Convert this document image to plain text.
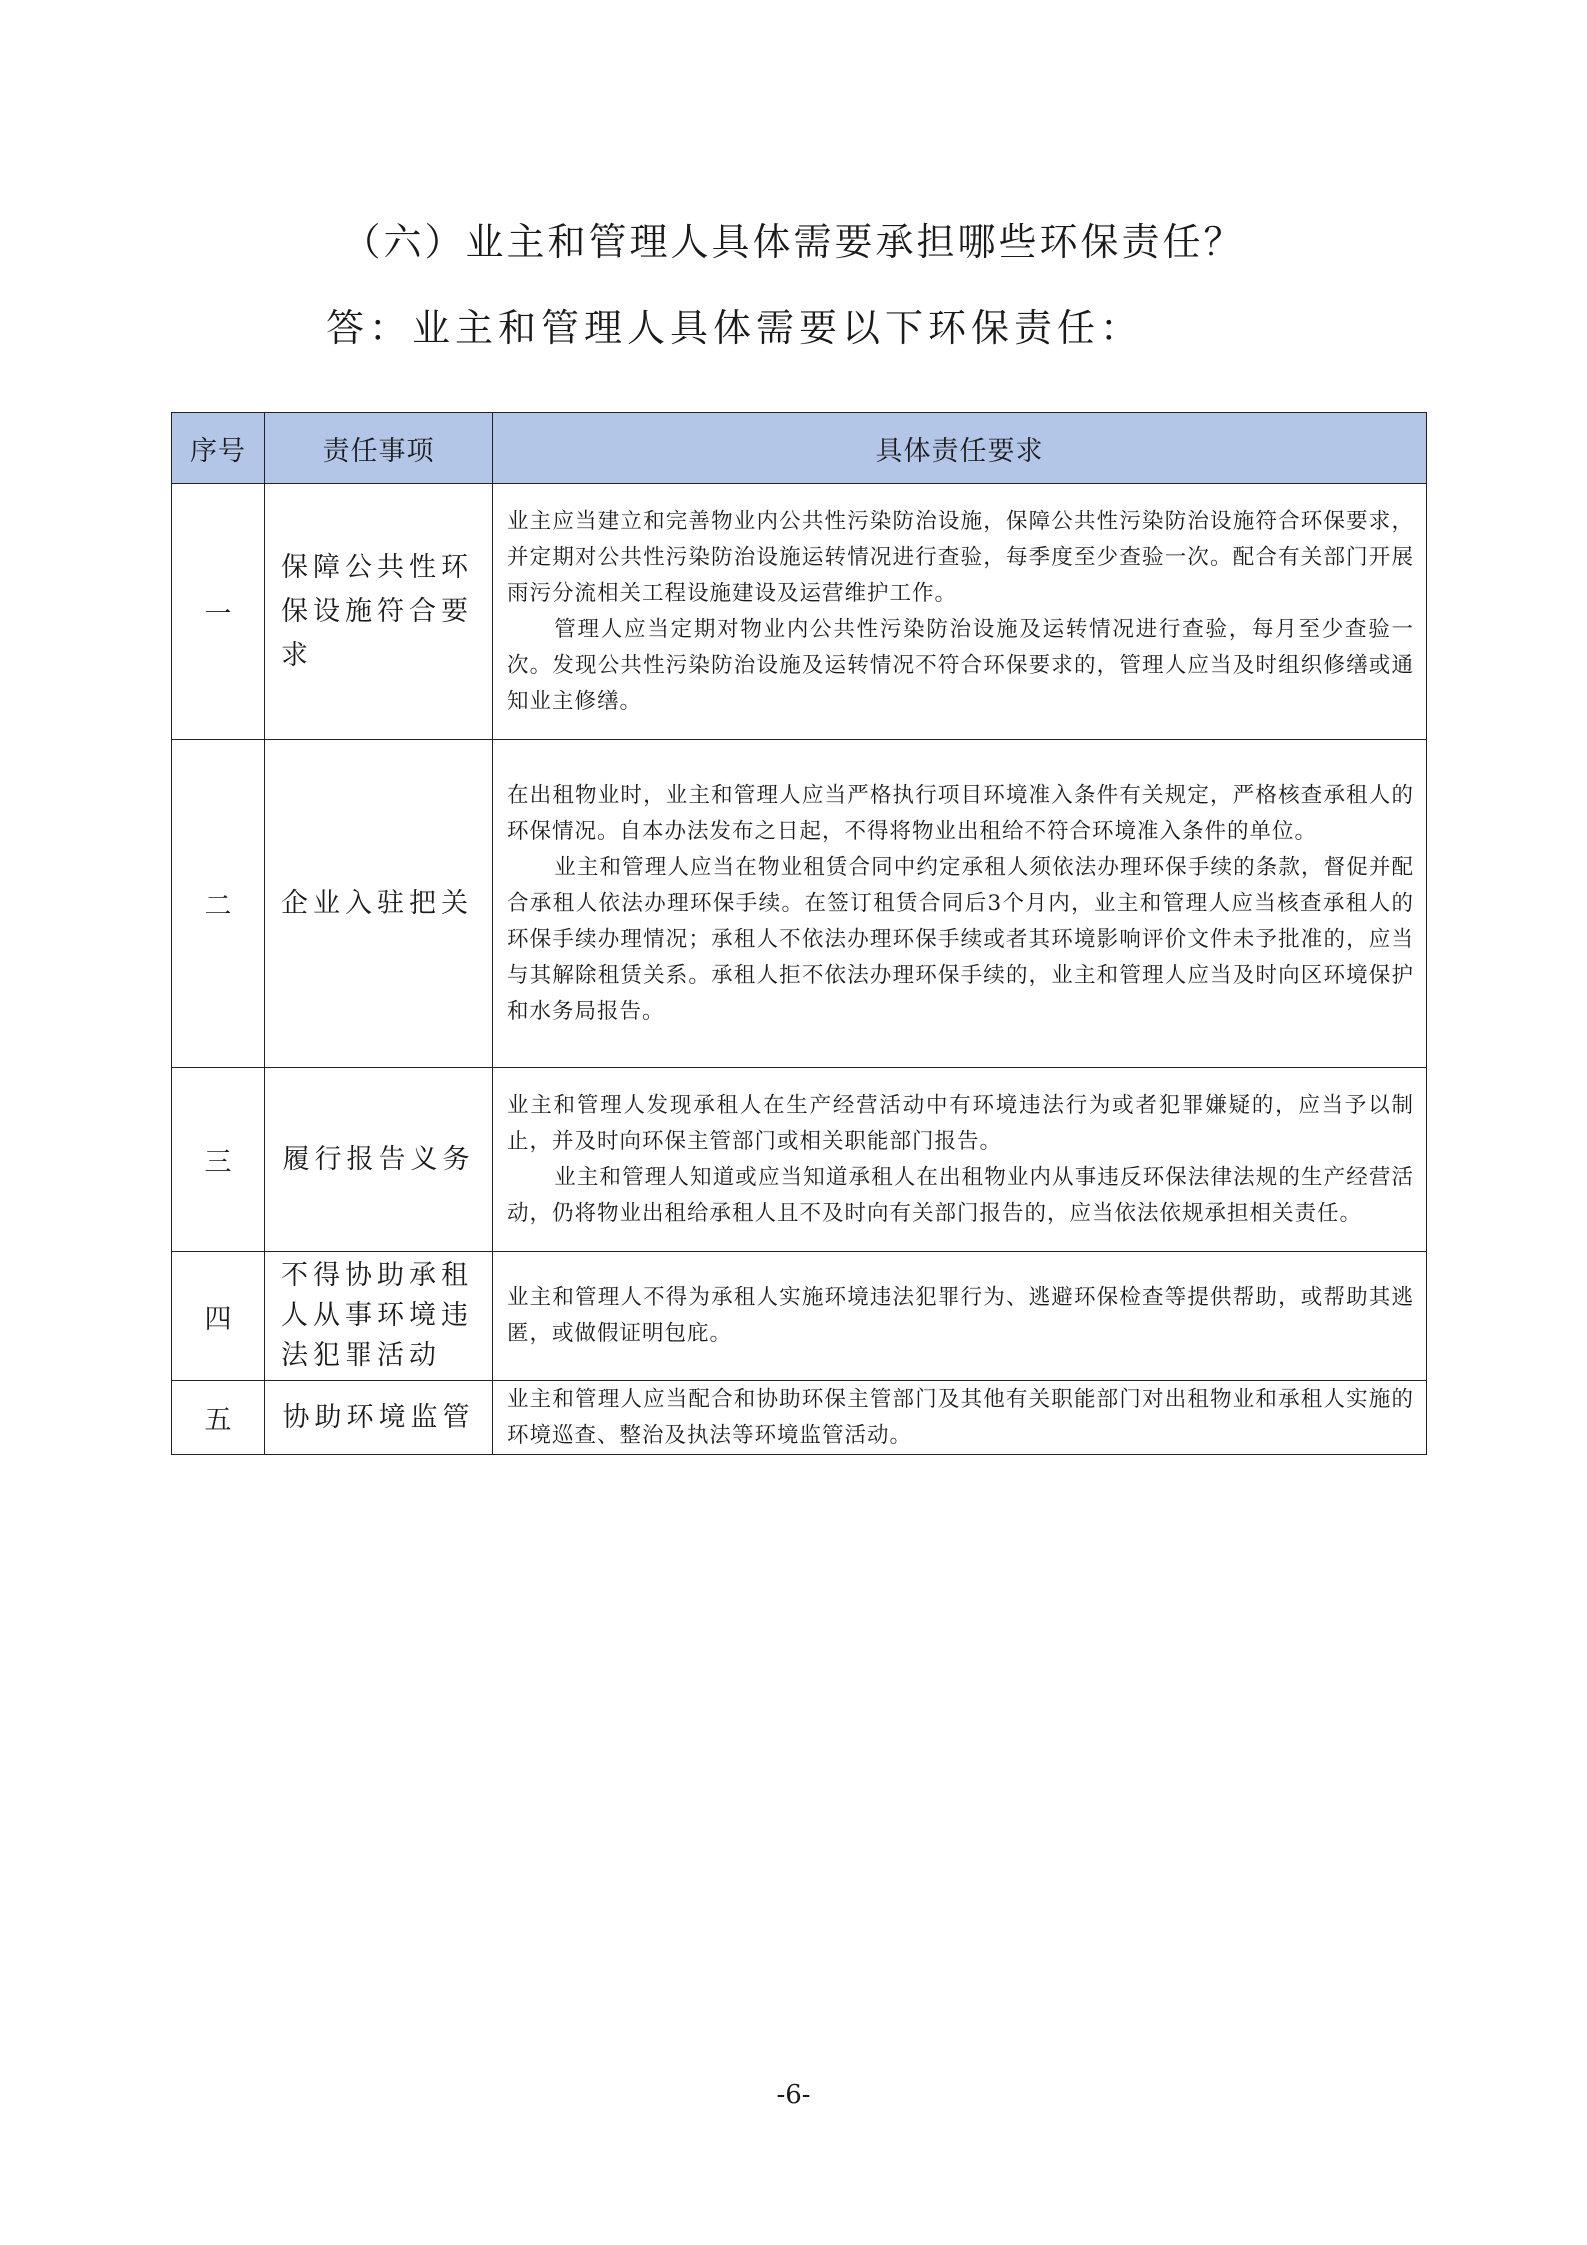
（六）业主和管理人具体需要承担哪些环保责任？
答：业主和管理人具体需要以下环保责任：
序号	责任事项	具体责任要求
一	保障公共性环保设施符合要求	业主应当建立和完善物业内公共性污染防治设施，保障公共性污染防治设施符合环保要求，并定期对公共性污染防治设施运转情况进行查验，每季度至少查验一次。配合有关部门开展雨污分流相关工程设施建设及运营维护工作。

管理人应当定期对物业内公共性污染防治设施及运转情况进行查验，每月至少查验一次。发现公共性污染防治设施及运转情况不符合环保要求的，管理人应当及时组织修缮或通知业主修缮。

二	企业入驻把关	在出租物业时，业主和管理人应当严格执行项目环境准入条件有关规定，严格核查承租人的环保情况。自本办法发布之日起，不得将物业出租给不符合环境准入条件的单位。

业主和管理人应当在物业租赁合同中约定承租人须依法办理环保手续的条款，督促并配合承租人依法办理环保手续。在签订租赁合同后3个月内，业主和管理人应当核查承租人的环保手续办理情况；承租人不依法办理环保手续或者其环境影响评价文件未予批准的，应当与其解除租赁关系。承租人拒不依法办理环保手续的，业主和管理人应当及时向区环境保护和水务局报告。

三	履行报告义务	业主和管理人发现承租人在生产经营活动中有环境违法行为或者犯罪嫌疑的，应当予以制止，并及时向环保主管部门或相关职能部门报告。

业主和管理人知道或应当知道承租人在出租物业内从事违反环保法律法规的生产经营活动，仍将物业出租给承租人且不及时向有关部门报告的，应当依法依规承担相关责任。

四	不得协助承租人从事环境违法犯罪活动	业主和管理人不得为承租人实施环境违法犯罪行为、逃避环保检查等提供帮助，或帮助其逃匿，或做假证明包庇。

五	协助环境监管	业主和管理人应当配合和协助环保主管部门及其他有关职能部门对出租物业和承租人实施的环境巡查、整治及执法等环境监管活动。

-6-
